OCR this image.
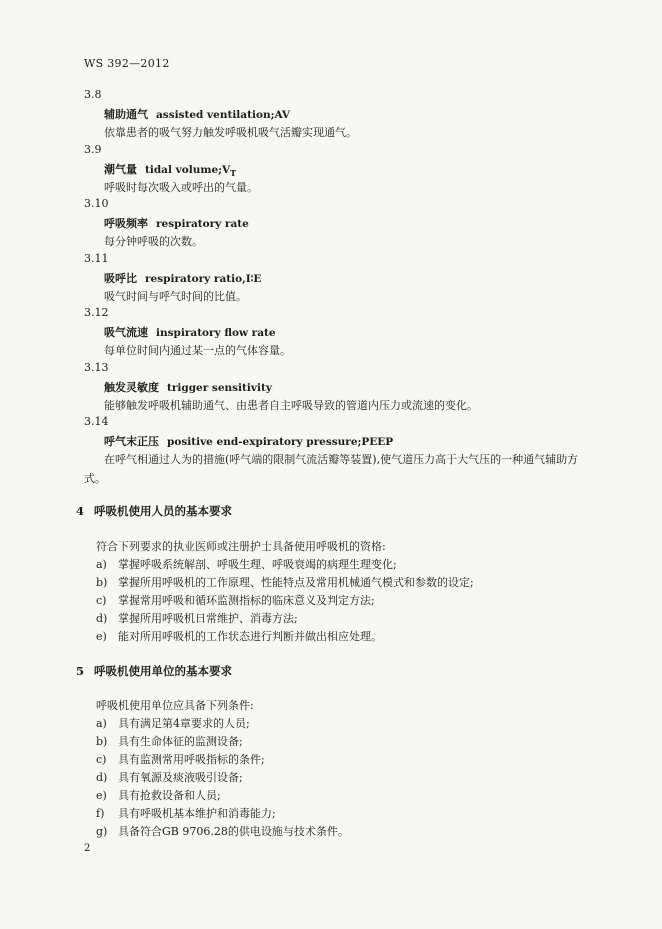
WS 392—2012
3.8
辅助通气 assisted ventilation;AV
依靠患者的吸气努力触发呼吸机吸气活瓣实现通气。
3.9
潮气量 tidal $volume;V_T$
呼吸时每次吸入或呼出的气量。
3.10
呼吸频率 respiratory rate
每分钟呼吸的次数。
3.11
吸呼比 respiratory ratio,I∶E
吸气时间与呼气时间的比值。
3.12
吸气流速 inspiratory flow rate
每单位时间内通过某一点的气体容量。
3.13
触发灵敏度 trigger sensitivity
能够触发呼吸机辅助通气、由患者自主呼吸导致的管道内压力或流速的变化。
3.14
呼气末正压 positive end-expiratory pressure;PEEP
在呼气相通过人为的措施(呼气端的限制气流活瓣等装置),使气道压力高于大气压的一种通气辅助方式。
4 呼吸机使用人员的基本要求
符合下列要求的执业医师或注册护士具备使用呼吸机的资格:
a) 掌握呼吸系统解剖、呼吸生理、呼吸衰竭的病理生理变化;
b) 掌握所用呼吸机的工作原理、性能特点及常用机械通气模式和参数的设定;
c) 掌握常用呼吸和循环监测指标的临床意义及判定方法;
d) 掌握所用呼吸机日常维护、消毒方法;
e) 能对所用呼吸机的工作状态进行判断并做出相应处理。
5 呼吸机使用单位的基本要求
呼吸机使用单位应具备下列条件:
a) 具有满足第4章要求的人员;
b) 具有生命体征的监测设备;
c) 具有监测常用呼吸指标的条件;
d) 具有氧源及痰液吸引设备;
e) 具有抢救设备和人员;
f) 具有呼吸机基本维护和消毒能力;
g) 具备符合GB 9706.28的供电设施与技术条件。
2
